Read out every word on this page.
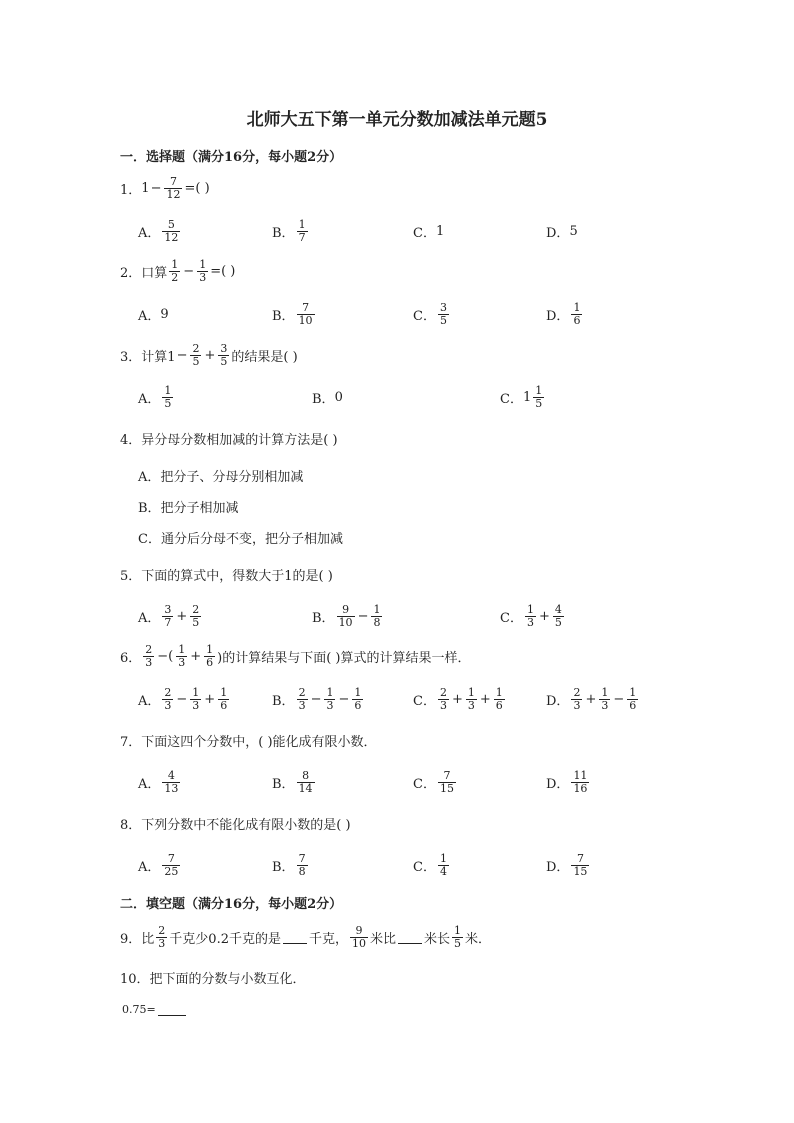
北师大五下第一单元分数加减法单元题5
一．选择题（满分16分，每小题2分）
1． $1 - \frac{7}{12}$ =( )
A． $\frac{5}{12}$	B． $\frac{1}{7}$	C． 1	D． 5
2． 口算 $\frac{1}{2} - \frac{1}{3}$ =( )
A． 9	B． $\frac{7}{10}$	C． $\frac{3}{5}$	D． $\frac{1}{6}$
3． 计算$1 - \frac{2}{5} + \frac{3}{5}$ 的结果是( )
A． $\frac{1}{5}$	B． 0	C． $1 \frac{1}{5}$
4．异分母分数相加减的计算方法是( )
A．把分子、分母分别相加减
B．把分子相加减
C．通分后分母不变，把分子相加减
5．下面的算式中，得数大于1的是( )
A． $\frac{3}{7} + \frac{2}{5}$	B． $\frac{9}{10} - \frac{1}{8}$	C． $\frac{1}{3} + \frac{4}{5}$
6． $\frac{2}{3}$ −( $\frac{1}{3} + \frac{1}{6}$ )的计算结果与下面( )算式的计算结果一样．
A． $\frac{2}{3} - \frac{1}{3} + \frac{1}{6}$	B． $\frac{2}{3} - \frac{1}{3} - \frac{1}{6}$	C． $\frac{2}{3} + \frac{1}{3} + \frac{1}{6}$	D． $\frac{2}{3} + \frac{1}{3} - \frac{1}{6}$
7．下面这四个分数中，( )能化成有限小数．
A． $\frac{4}{13}$	B． $\frac{8}{14}$	C． $\frac{7}{15}$	D． $\frac{11}{16}$
8．下列分数中不能化成有限小数的是( )
A． $\frac{7}{25}$	B． $\frac{7}{8}$	C． $\frac{1}{4}$	D． $\frac{7}{15}$
二．填空题（满分16分，每小题2分）
9． 比 $\frac{2}{3}$ 千克少0.2千克的是 千克， $\frac{9}{10}$ 米比 米长 $\frac{1}{5}$ 米．
10．把下面的分数与小数互化．
0.75=
